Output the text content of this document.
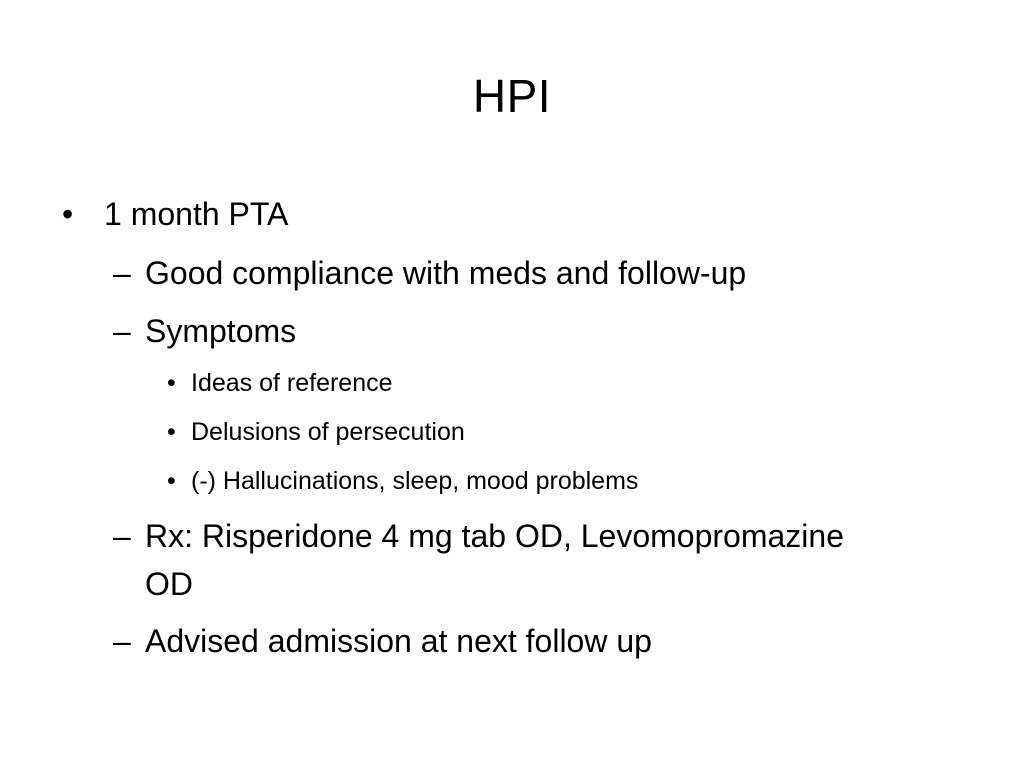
HPI
• 1 month PTA
– Good compliance with meds and follow-up
– Symptoms
• Ideas of reference
• Delusions of persecution
• (-) Hallucinations, sleep, mood problems
– Rx: Risperidone 4 mg tab OD, Levomopromazine
OD
– Advised admission at next follow up
